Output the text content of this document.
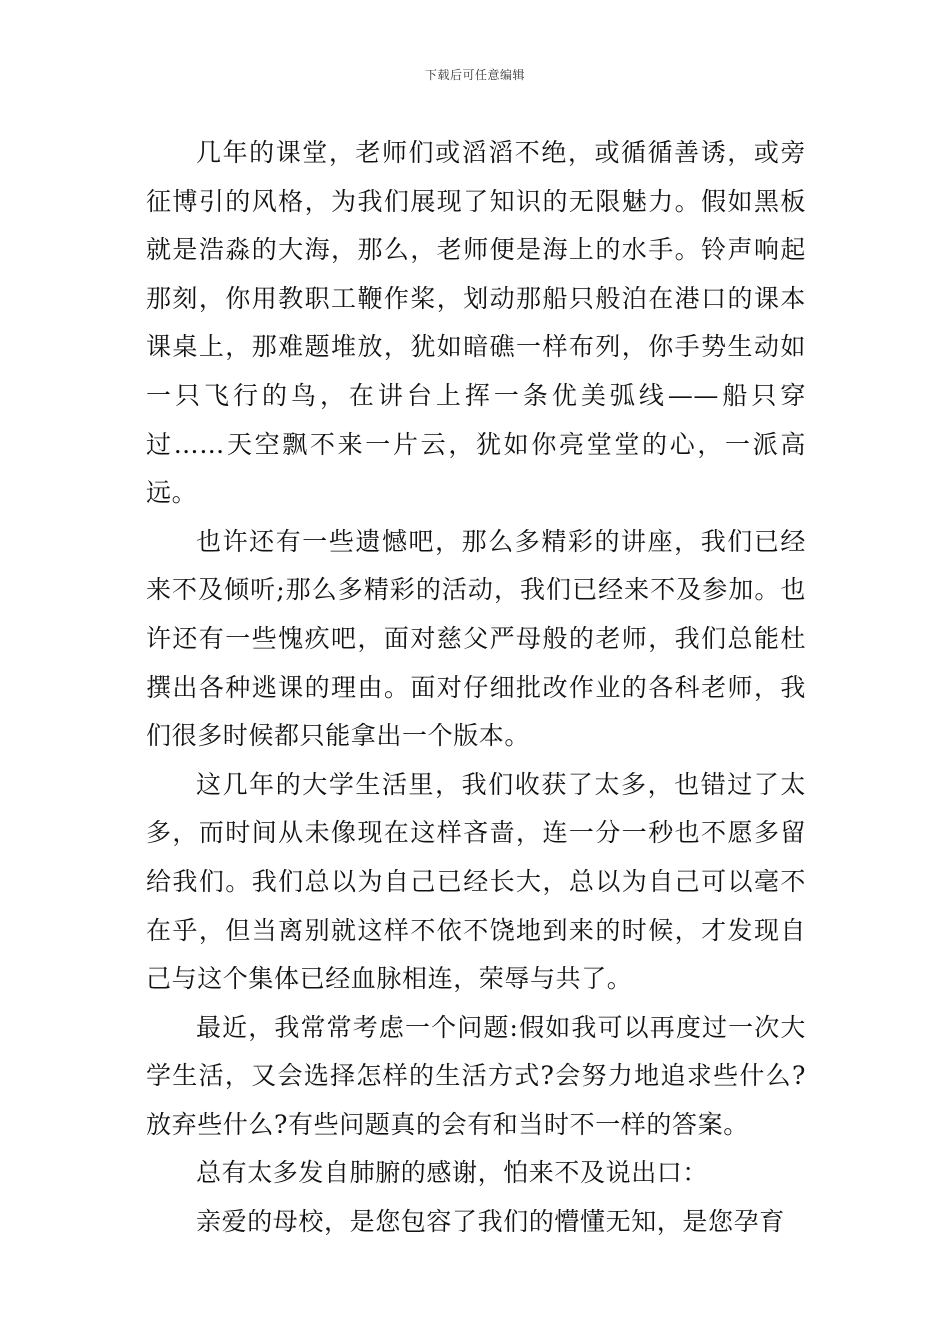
下载后可任意编辑

几年的课堂，老师们或滔滔不绝，或循循善诱，或旁征博引的风格，为我们展现了知识的无限魅力。假如黑板就是浩淼的大海，那么，老师便是海上的水手。铃声响起那刻，你用教职工鞭作桨，划动那船只般泊在港口的课本课桌上，那难题堆放，犹如暗礁一样布列，你手势生动如一只飞行的鸟，在讲台上挥一条优美弧线——船只穿过……天空飘不来一片云，犹如你亮堂堂的心，一派高远。

也许还有一些遗憾吧，那么多精彩的讲座，我们已经来不及倾听;那么多精彩的活动，我们已经来不及参加。也许还有一些愧疚吧，面对慈父严母般的老师，我们总能杜撰出各种逃课的理由。面对仔细批改作业的各科老师，我们很多时候都只能拿出一个版本。

这几年的大学生活里，我们收获了太多，也错过了太多，而时间从未像现在这样吝啬，连一分一秒也不愿多留给我们。我们总以为自己已经长大，总以为自己可以毫不在乎，但当离别就这样不依不饶地到来的时候，才发现自己与这个集体已经血脉相连，荣辱与共了。

最近，我常常考虑一个问题:假如我可以再度过一次大学生活，又会选择怎样的生活方式?会努力地追求些什么?放弃些什么?有些问题真的会有和当时不一样的答案。

总有太多发自肺腑的感谢，怕来不及说出口：

亲爱的母校，是您包容了我们的懵懂无知，是您孕育
